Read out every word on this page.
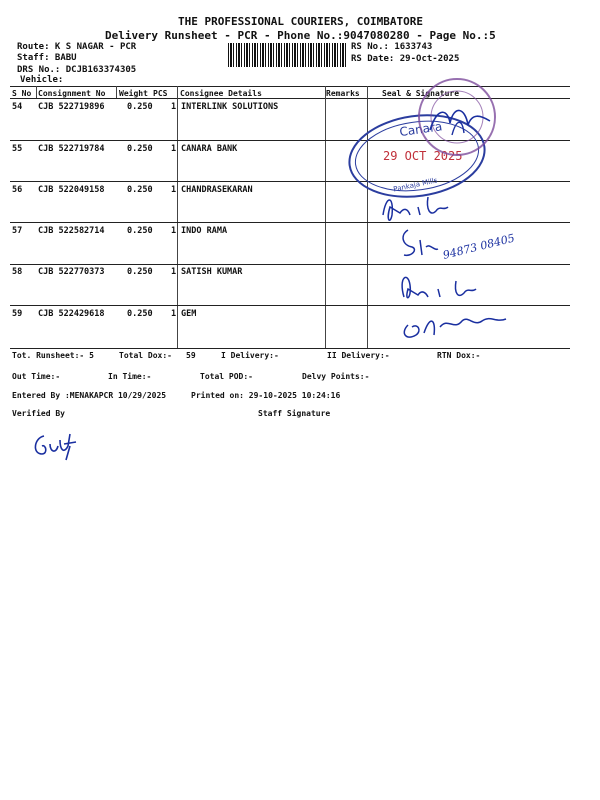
THE PROFESSIONAL COURIERS, COIMBATORE
Delivery Runsheet - PCR - Phone No.:9047080280 - Page No.:5
Route: K S NAGAR - PCR
Staff: BABU
DRS No.: DCJB163374305
Vehicle:
RS No.: 1633743
RS Date: 29-Oct-2025
S No Consignment No Weight PCS Consignee Details	Remarks	Seal & Signature
54 CJB 522719896	0.250 1 INTERLINK SOLUTIONS
55 CJB 522719784	0.250 1 CANARA BANK
56 CJB 522049158	0.250 1 CHANDRASEKARAN
57 CJB 522582714	0.250 1 INDO RAMA
58 CJB 522770373	0.250 1 SATISH KUMAR
59 CJB 522429618	0.250 1 GEM
Canara
29 OCT 2025
Pankaja Mills
94873 08405
Tot. Runsheet:- 5	Total Dox:- 59	I Delivery:-	II Delivery:-	RTN Dox:-
Out Time:-	In Time:-	Total POD:-	Delvy Points:-
Entered By :MENAKAPCR 10/29/2025	Printed on: 29-10-2025 10:24:16
Verified By	Staff Signature
